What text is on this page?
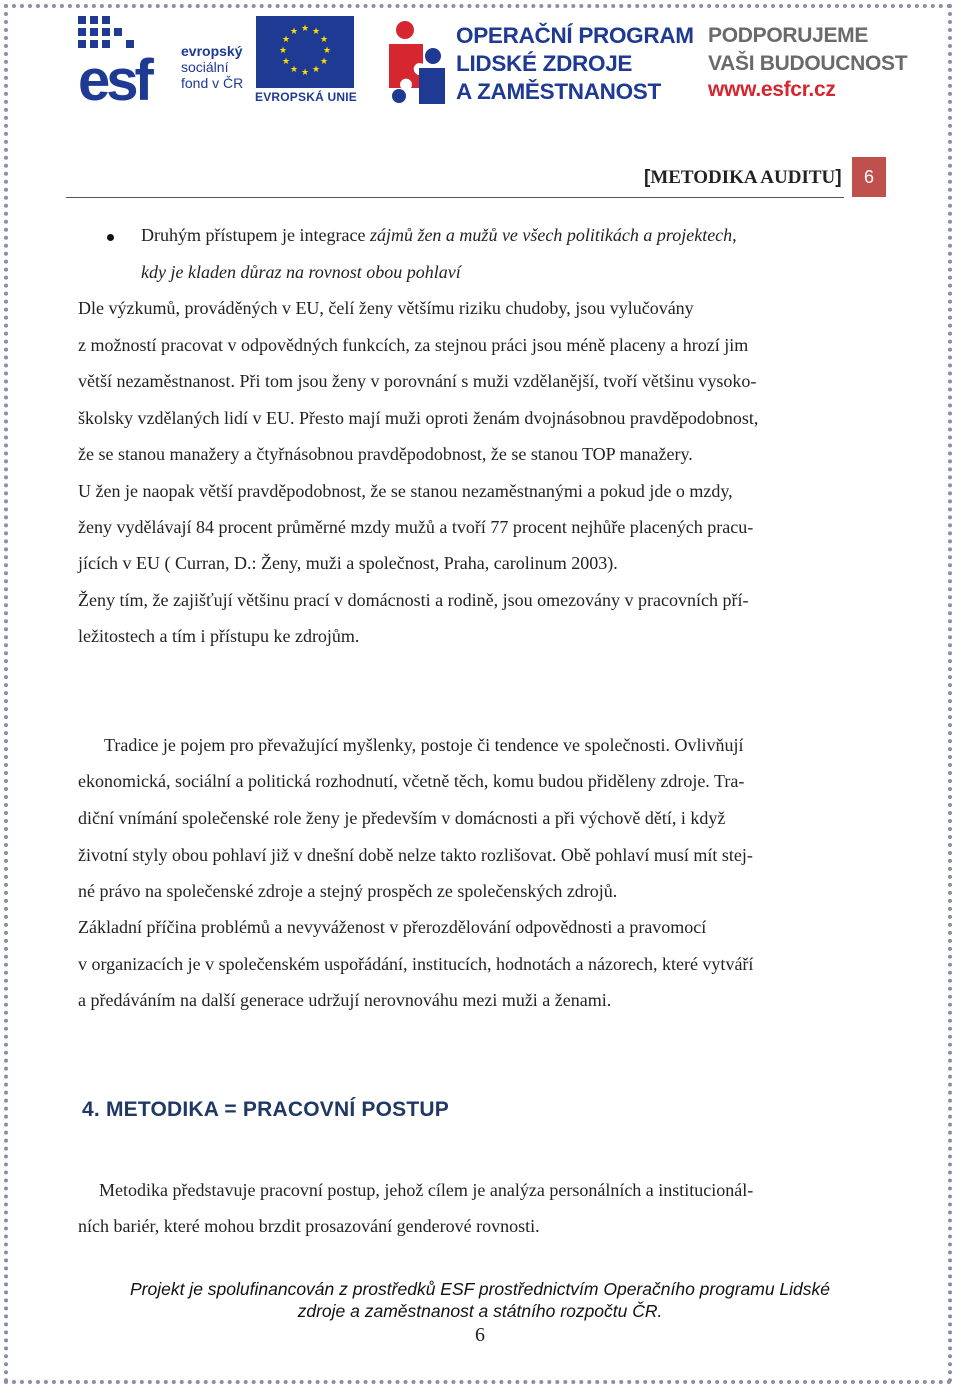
esf	evropský
sociální
fond v ČR
★ ★
★
★
★
★
★
★
★
★
★
★
EVROPSKÁ UNIE
OPERAČNÍ PROGRAM
LIDSKÉ ZDROJE
A ZAMĚSTNANOST
PODPORUJEME
VAŠI BUDOUCNOST
www.esfcr.cz
[METODIKA AUDITU]	6
Druhým přístupem je integrace zájmů žen a mužů ve všech politikách a projektech,
kdy je kladen důraz na rovnost obou pohlaví
Dle výzkumů, prováděných v EU, čelí ženy většímu riziku chudoby, jsou vylučovány
z možností pracovat v odpovědných funkcích, za stejnou práci jsou méně placeny a hrozí jim
větší nezaměstnanost. Při tom jsou ženy v porovnání s muži vzdělanější, tvoří většinu vysoko-
školsky vzdělaných lidí v EU. Přesto mají muži oproti ženám dvojnásobnou pravděpodobnost,
že se stanou manažery a čtyřnásobnou pravděpodobnost, že se stanou TOP manažery.
U žen je naopak větší pravděpodobnost, že se stanou nezaměstnanými a pokud jde o mzdy,
ženy vydělávají 84 procent průměrné mzdy mužů a tvoří 77 procent nejhůře placených pracu-
jících v EU ( Curran, D.: Ženy, muži a společnost, Praha, carolinum 2003).
Ženy tím, že zajišťují většinu prací v domácnosti a rodině, jsou omezovány v pracovních pří-
ležitostech a tím i přístupu ke zdrojům.
Tradice je pojem pro převažující myšlenky, postoje či tendence ve společnosti. Ovlivňují
ekonomická, sociální a politická rozhodnutí, včetně těch, komu budou přiděleny zdroje. Tra-
diční vnímání společenské role ženy je především v domácnosti a při výchově dětí, i když
životní styly obou pohlaví již v dnešní době nelze takto rozlišovat. Obě pohlaví musí mít stej-
né právo na společenské zdroje a stejný prospěch ze společenských zdrojů.
Základní příčina problémů a nevyváženost v přerozdělování odpovědnosti a pravomocí
v organizacích je v společenském uspořádání, institucích, hodnotách a názorech, které vytváří
a předáváním na další generace udržují nerovnováhu mezi muži a ženami.
4. METODIKA = PRACOVNÍ POSTUP
Metodika představuje pracovní postup, jehož cílem je analýza personálních a institucionál-
ních bariér, které mohou brzdit prosazování genderové rovnosti.
Projekt je spolufinancován z prostředků ESF prostřednictvím Operačního programu Lidské
zdroje a zaměstnanost a státního rozpočtu ČR.
6
